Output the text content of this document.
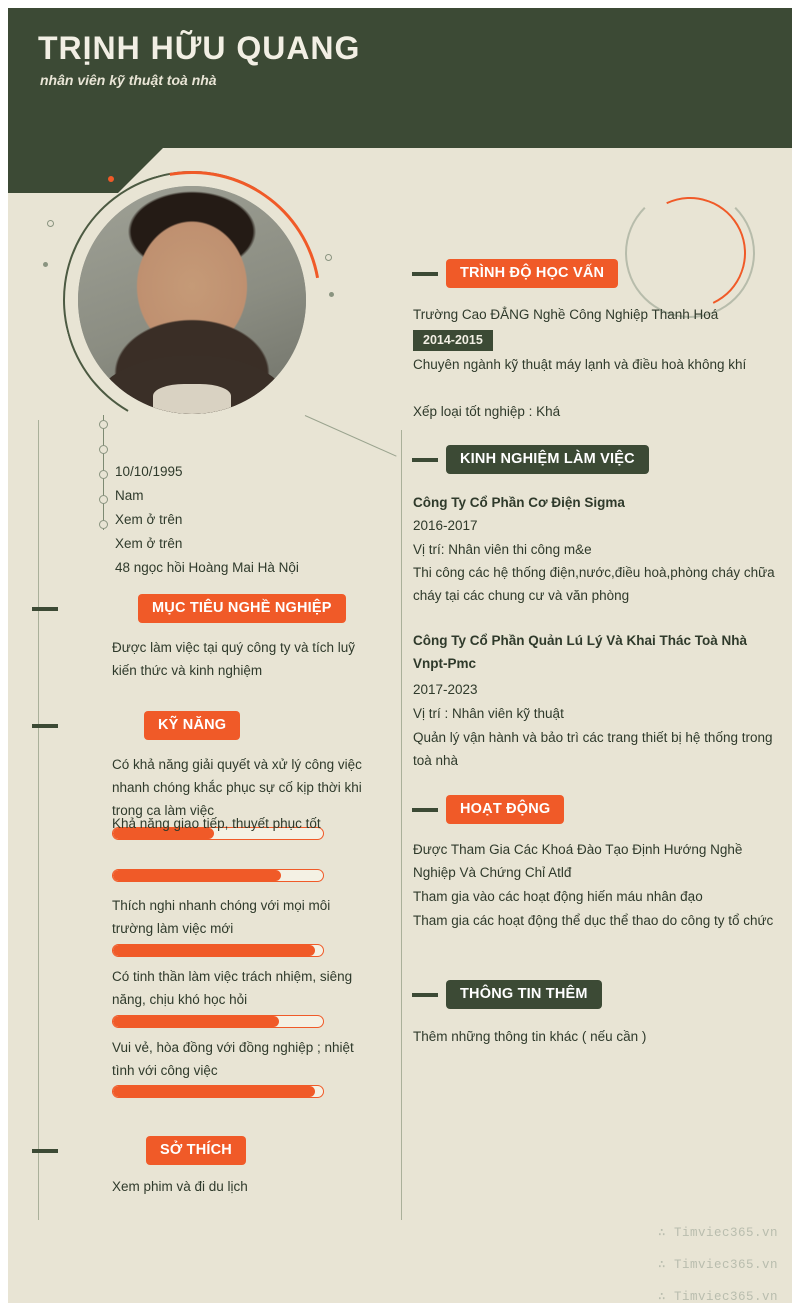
TRỊNH HỮU QUANG
nhân viên kỹ thuật toà nhà
10/10/1995
Nam
Xem ở trên
Xem ở trên
48 ngọc hồi Hoàng Mai Hà Nội
TRÌNH ĐỘ HỌC VẤN
Trường Cao ĐẲNG Nghề Công Nghiệp Thanh Hoá
2014-2015
Chuyên ngành kỹ thuật máy lạnh và điều hoà không khí
Xếp loại tốt nghiệp : Khá
KINH NGHIỆM LÀM VIỆC
Công Ty Cổ Phần Cơ Điện Sigma
2016-2017
Vị trí: Nhân viên thi công m&e
Thi công các hệ thống điện,nước,điều hoà,phòng cháy chữa cháy tại các chung cư và văn phòng
Công Ty Cổ Phần Quản Lú Lý Và Khai Thác Toà Nhà Vnpt-Pmc
2017-2023
Vị trí : Nhân viên kỹ thuật
Quản lý vận hành và bảo trì các trang thiết bị hệ thống trong toà nhà
HOẠT ĐỘNG
Được Tham Gia Các Khoá Đào Tạo Định Hướng Nghề Nghiệp Và Chứng Chỉ Atlđ
Tham gia vào các hoạt động hiến máu nhân đạo
Tham gia các hoạt động thể dục thể thao do công ty tổ chức
THÔNG TIN THÊM
Thêm những thông tin khác ( nếu cần )
MỤC TIÊU NGHỀ NGHIỆP
Được làm việc tại quý công ty và tích luỹ kiến thức và kinh nghiệm
KỸ NĂNG
Có khả năng giải quyết và xử lý công việc nhanh chóng khắc phục sự cố kịp thời khi trong ca làm việc
Khả năng giao tiếp, thuyết phục tốt
Thích nghi nhanh chóng với mọi môi trường làm việc mới
Có tinh thần làm việc trách nhiệm, siêng năng, chịu khó học hỏi
Vui vẻ, hòa đồng với đồng nghiệp ; nhiệt tình với công việc
SỞ THÍCH
Xem phim và đi du lịch
∴ Timviec365.vn
∴ Timviec365.vn
∴ Timviec365.vn
